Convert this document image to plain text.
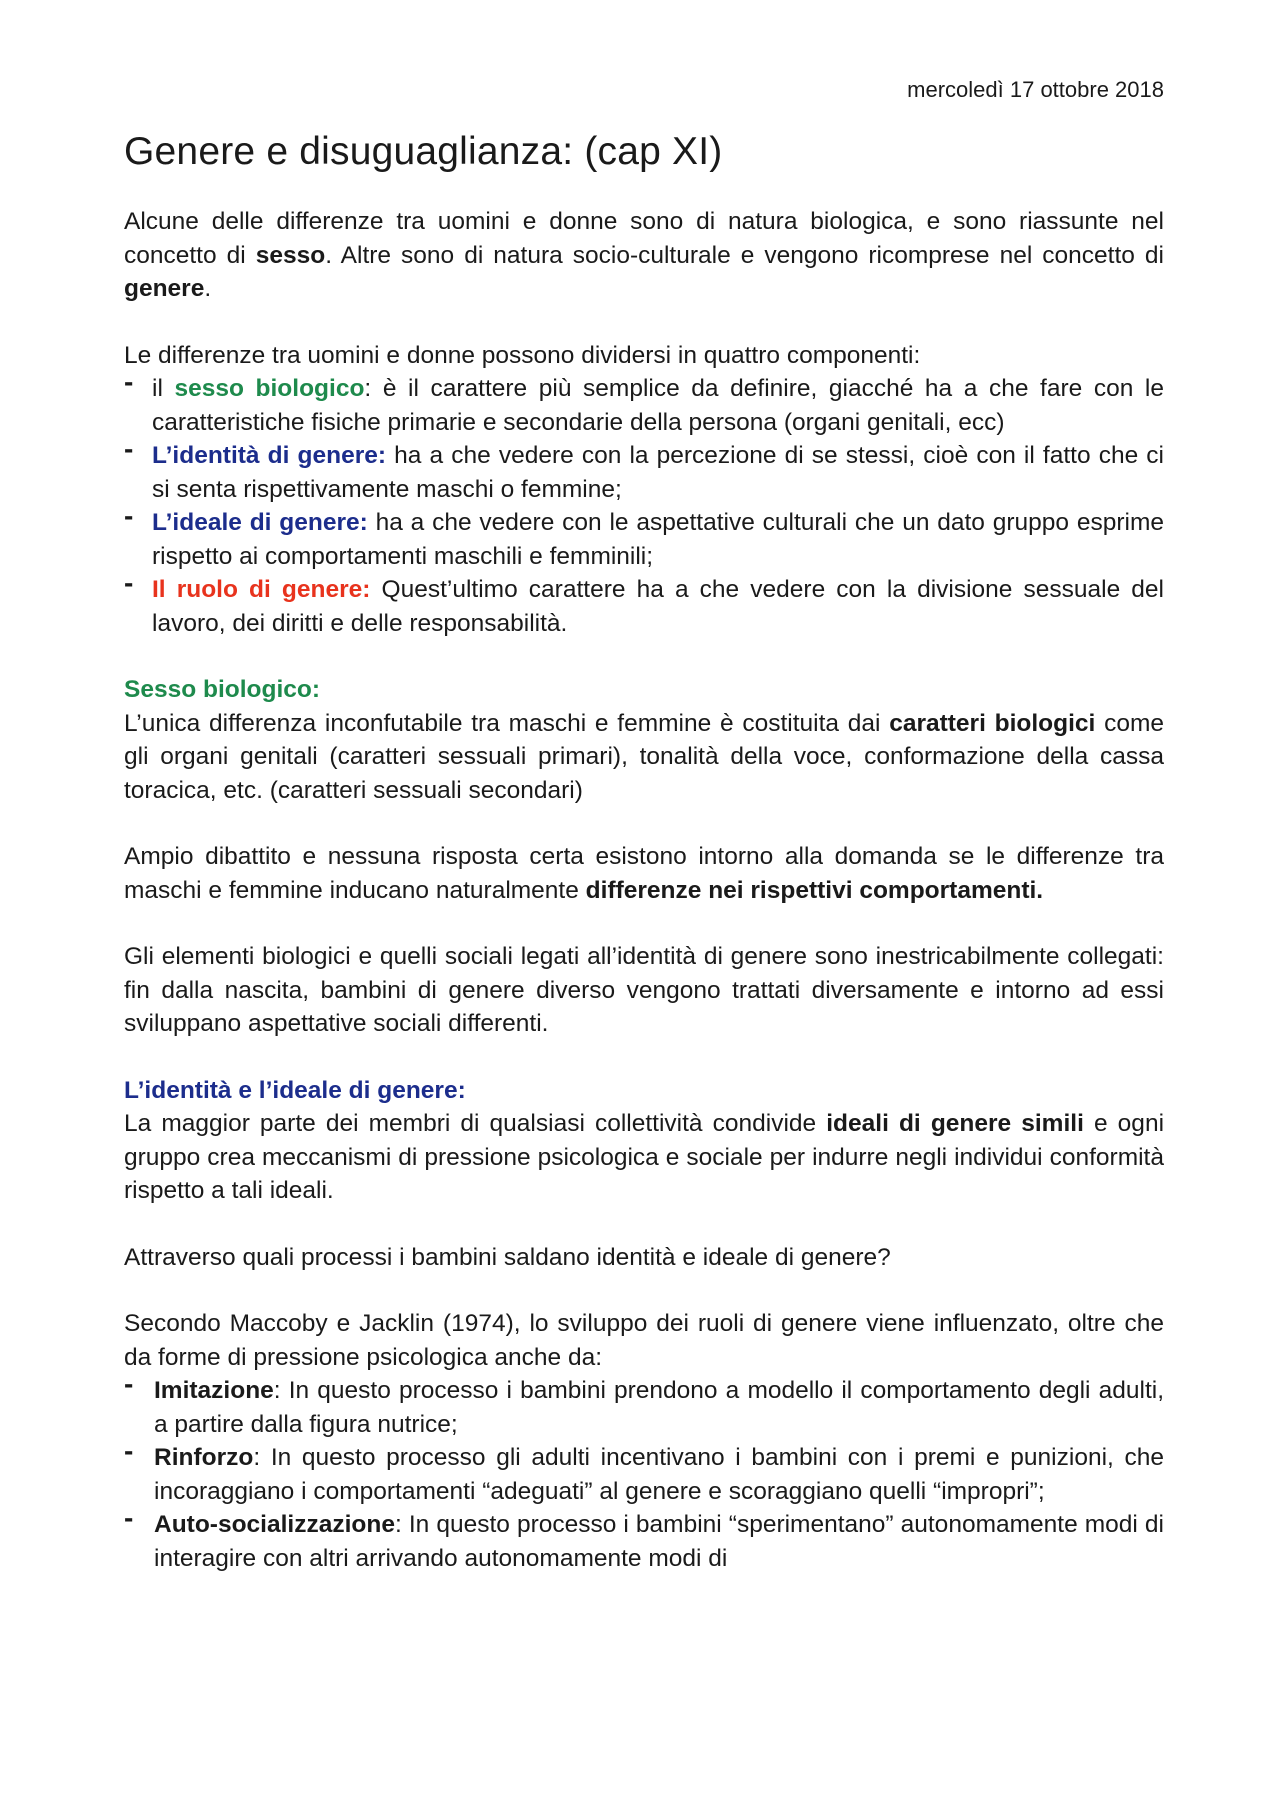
mercoledì 17 ottobre 2018
Genere e disuguaglianza: (cap XI)

Alcune delle differenze tra uomini e donne sono di natura biologica, e sono riassunte nel concetto di sesso. Altre sono di natura socio-culturale e vengono ricomprese nel concetto di genere.

Le differenze tra uomini e donne possono dividersi in quattro componenti:

- il sesso biologico: è il carattere più semplice da definire, giacché ha a che fare con le caratteristiche fisiche primarie e secondarie della persona (organi genitali, ecc)
- L’identità di genere: ha a che vedere con la percezione di se stessi, cioè con il fatto che ci si senta rispettivamente maschi o femmine;
- L’ideale di genere: ha a che vedere con le aspettative culturali che un dato gruppo esprime rispetto ai comportamenti maschili e femminili;
- Il ruolo di genere: Quest’ultimo carattere ha a che vedere con la divisione sessuale del lavoro, dei diritti e delle responsabilità.
Sesso biologico:

L’unica differenza inconfutabile tra maschi e femmine è costituita dai caratteri biologici come gli organi genitali (caratteri sessuali primari), tonalità della voce, conformazione della cassa toracica, etc. (caratteri sessuali secondari)

Ampio dibattito e nessuna risposta certa esistono intorno alla domanda se le differenze tra maschi e femmine inducano naturalmente differenze nei rispettivi comportamenti.

Gli elementi biologici e quelli sociali legati all’identità di genere sono inestricabilmente collegati: fin dalla nascita, bambini di genere diverso vengono trattati diversamente e intorno ad essi sviluppano aspettative sociali differenti.

L’identità e l’ideale di genere:

La maggior parte dei membri di qualsiasi collettività condivide ideali di genere simili e ogni gruppo crea meccanismi di pressione psicologica e sociale per indurre negli individui conformità rispetto a tali ideali.

Attraverso quali processi i bambini saldano identità e ideale di genere?

Secondo Maccoby e Jacklin (1974), lo sviluppo dei ruoli di genere viene influenzato, oltre che da forme di pressione psicologica anche da:

- Imitazione: In questo processo i bambini prendono a modello il comportamento degli adulti, a partire dalla figura nutrice;
- Rinforzo: In questo processo gli adulti incentivano i bambini con i premi e punizioni, che incoraggiano i comportamenti “adeguati” al genere e scoraggiano quelli “impropri”;
- Auto-socializzazione: In questo processo i bambini “sperimentano” autonomamente modi di interagire con altri arrivando autonomamente modi di
